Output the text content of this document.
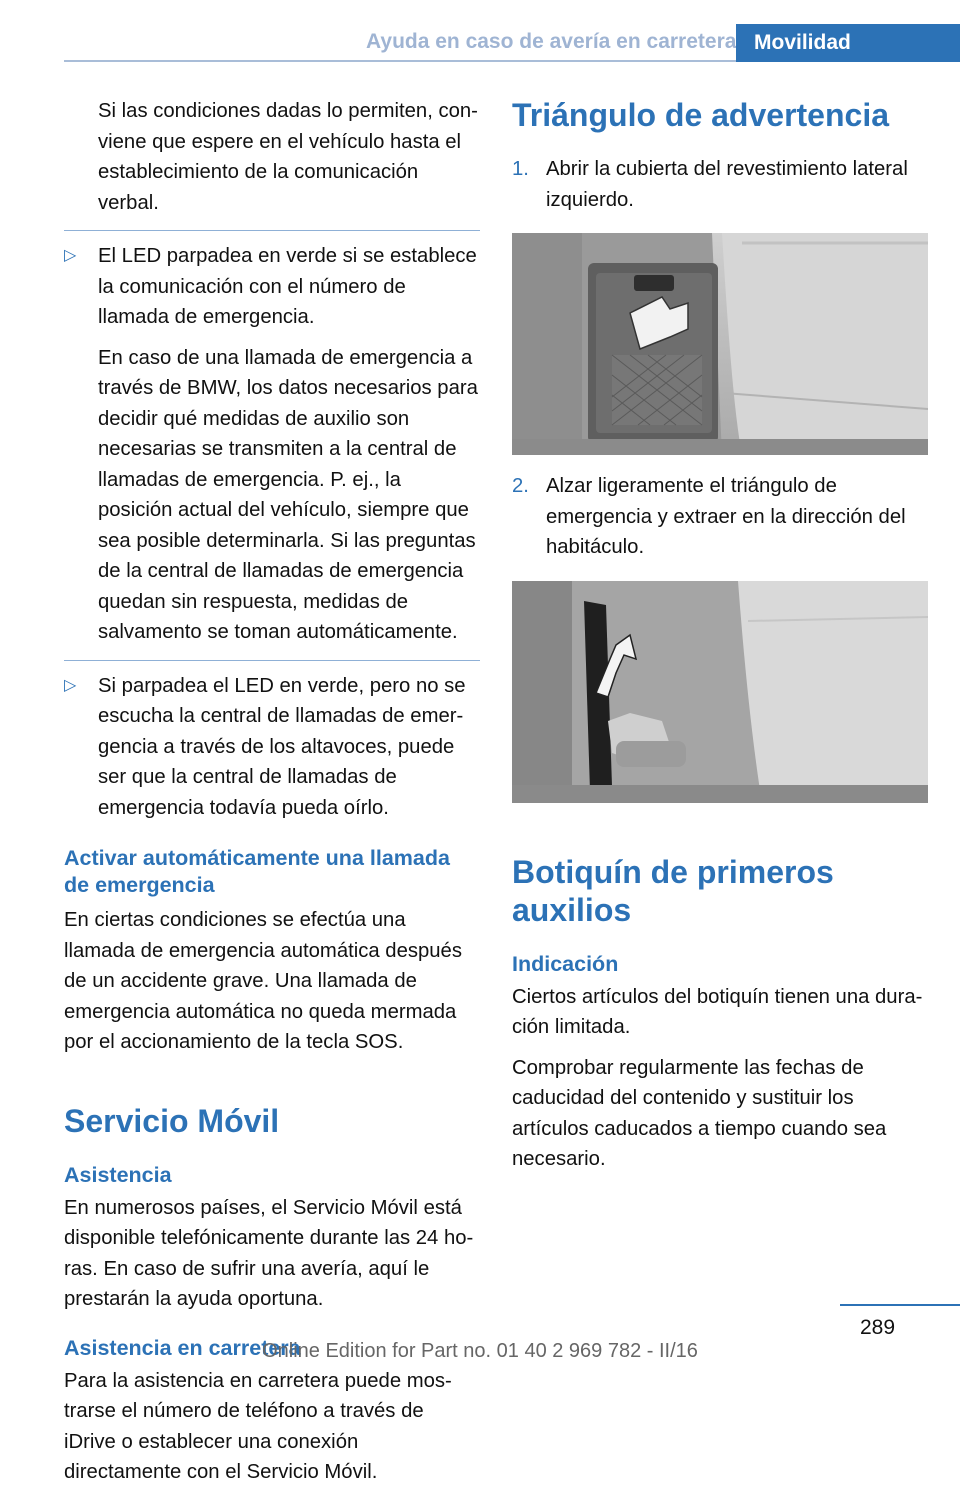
Ayuda en caso de avería en carretera Movilidad

Si las condiciones dadas lo permiten, conviene que espere en el vehículo hasta el establecimiento de la comunicación verbal.

▷ El LED parpadea en verde si se establece la comunicación con el número de llamada de emergencia.

En caso de una llamada de emergencia a través de BMW, los datos necesarios para decidir qué medidas de auxilio son necesarias se transmiten a la central de llamadas de emergencia. P. ej., la posición actual del vehículo, siempre que sea posible determinarla. Si las preguntas de la central de llamadas de emergencia quedan sin respuesta, medidas de salvamento se toman automáticamente.

▷ Si parpadea el LED en verde, pero no se escucha la central de llamadas de emergencia a través de los altavoces, puede ser que la central de llamadas de emergencia todavía pueda oírlo.

Activar automáticamente una llamada de emergencia

En ciertas condiciones se efectúa una llamada de emergencia automática después de un accidente grave. Una llamada de emergencia automática no queda mermada por el accionamiento de la tecla SOS.

Servicio Móvil
Asistencia

En numerosos países, el Servicio Móvil está disponible telefónicamente durante las 24 horas. En caso de sufrir una avería, aquí le prestarán la ayuda oportuna.

Asistencia en carretera

Para la asistencia en carretera puede mostrarse el número de teléfono a través de iDrive o establecer una conexión directamente con el Servicio Móvil.

Triángulo de advertencia
1. Abrir la cubierta del revestimiento lateral izquierdo.

2. Alzar ligeramente el triángulo de emergencia y extraer en la dirección del habitáculo.

Botiquín de primeros auxilios
Indicación

Ciertos artículos del botiquín tienen una duración limitada.

Comprobar regularmente las fechas de caducidad del contenido y sustituir los artículos caducados a tiempo cuando sea necesario.

289
Online Edition for Part no. 01 40 2 969 782 - II/16
